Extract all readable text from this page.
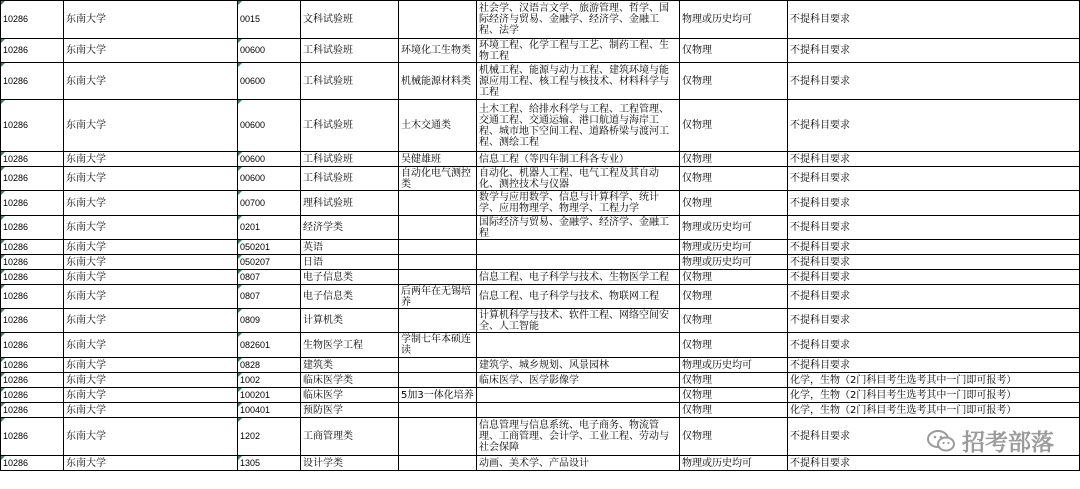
10286	东南大学	0015	文科试验班		社会学、汉语言文学、旅游管理、哲学、国际经济与贸易、金融学、经济学、金融工程、法学	物理或历史均可	不提科目要求
10286	东南大学	00600	工科试验班	环境化工生物类	环境工程、化学工程与工艺、制药工程、生物工程	仅物理	不提科目要求
10286	东南大学	00600	工科试验班	机械能源材料类	机械工程、能源与动力工程、建筑环境与能源应用工程、核工程与核技术、材料科学与工程	仅物理	不提科目要求
10286	东南大学	00600	工科试验班	土木交通类	土木工程、给排水科学与工程、工程管理、交通工程、交通运输、港口航道与海岸工程、城市地下空间工程、道路桥梁与渡河工程、测绘工程	仅物理	不提科目要求
10286	东南大学	00600	工科试验班	吴健雄班	信息工程（等四年制工科各专业）	仅物理	不提科目要求
10286	东南大学	00600	工科试验班	自动化电气测控类	自动化、机器人工程、电气工程及其自动化、测控技术与仪器	仅物理	不提科目要求
10286	东南大学	00700	理科试验班		数学与应用数学、信息与计算科学、统计学、应用物理学、物理学、工程力学	仅物理	不提科目要求
10286	东南大学	0201	经济学类		国际经济与贸易、金融学、经济学、金融工程	物理或历史均可	不提科目要求
10286	东南大学	050201	英语			物理或历史均可	不提科目要求
10286	东南大学	050207	日语			物理或历史均可	不提科目要求
10286	东南大学	0807	电子信息类		信息工程、电子科学与技术、生物医学工程	仅物理	不提科目要求
10286	东南大学	0807	电子信息类	后两年在无锡培养	信息工程、电子科学与技术、物联网工程	仅物理	不提科目要求
10286	东南大学	0809	计算机类		计算机科学与技术、软件工程、网络空间安全、人工智能	仅物理	不提科目要求
10286	东南大学	082601	生物医学工程	学制七年本硕连读		仅物理	不提科目要求
10286	东南大学	0828	建筑类		建筑学、城乡规划、风景园林	物理或历史均可	不提科目要求
10286	东南大学	1002	临床医学类		临床医学、医学影像学	仅物理	化学，生物（2门科目考生选考其中一门即可报考）
10286	东南大学	100201	临床医学	5加3一体化培养		仅物理	化学，生物（2门科目考生选考其中一门即可报考）
10286	东南大学	100401	预防医学			仅物理	化学，生物（2门科目考生选考其中一门即可报考）
10286	东南大学	1202	工商管理类		信息管理与信息系统、电子商务、物流管理、工商管理、会计学、工业工程、劳动与社会保障	仅物理	不提科目要求
10286	东南大学	1305	设计学类		动画、美术学、产品设计	物理或历史均可	不提科目要求
招考部落
